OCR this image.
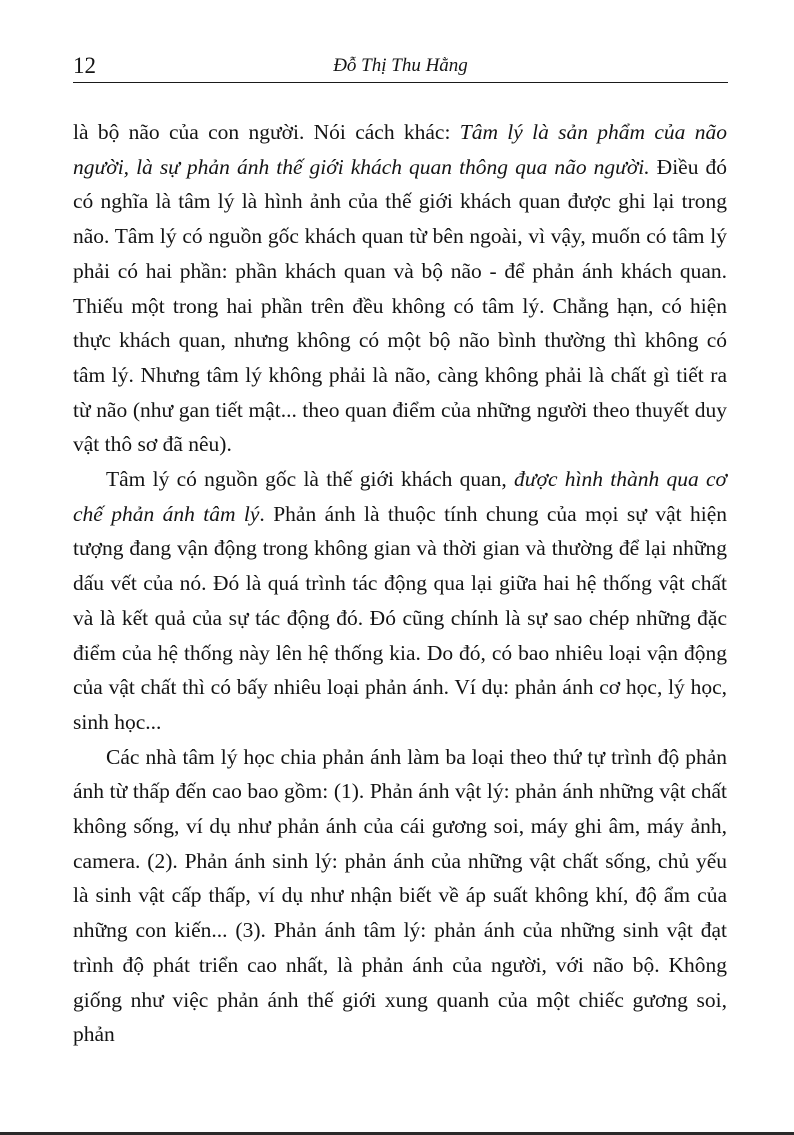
12	Đỗ Thị Thu Hằng

là bộ não của con người. Nói cách khác: Tâm lý là sản phẩm của não người, là sự phản ánh thế giới khách quan thông qua não người. Điều đó có nghĩa là tâm lý là hình ảnh của thế giới khách quan được ghi lại trong não. Tâm lý có nguồn gốc khách quan từ bên ngoài, vì vậy, muốn có tâm lý phải có hai phần: phần khách quan và bộ não - để phản ánh khách quan. Thiếu một trong hai phần trên đều không có tâm lý. Chẳng hạn, có hiện thực khách quan, nhưng không có một bộ não bình thường thì không có tâm lý. Nhưng tâm lý không phải là não, càng không phải là chất gì tiết ra từ não (như gan tiết mật... theo quan điểm của những người theo thuyết duy vật thô sơ đã nêu).

Tâm lý có nguồn gốc là thế giới khách quan, được hình thành qua cơ chế phản ánh tâm lý. Phản ánh là thuộc tính chung của mọi sự vật hiện tượng đang vận động trong không gian và thời gian và thường để lại những dấu vết của nó. Đó là quá trình tác động qua lại giữa hai hệ thống vật chất và là kết quả của sự tác động đó. Đó cũng chính là sự sao chép những đặc điểm của hệ thống này lên hệ thống kia. Do đó, có bao nhiêu loại vận động của vật chất thì có bấy nhiêu loại phản ánh. Ví dụ: phản ánh cơ học, lý học, sinh học...

Các nhà tâm lý học chia phản ánh làm ba loại theo thứ tự trình độ phản ánh từ thấp đến cao bao gồm: (1). Phản ánh vật lý: phản ánh những vật chất không sống, ví dụ như phản ánh của cái gương soi, máy ghi âm, máy ảnh, camera. (2). Phản ánh sinh lý: phản ánh của những vật chất sống, chủ yếu là sinh vật cấp thấp, ví dụ như nhận biết về áp suất không khí, độ ẩm của những con kiến... (3). Phản ánh tâm lý: phản ánh của những sinh vật đạt trình độ phát triển cao nhất, là phản ánh của người, với não bộ. Không giống như việc phản ánh thế giới xung quanh của một chiếc gương soi, phản
